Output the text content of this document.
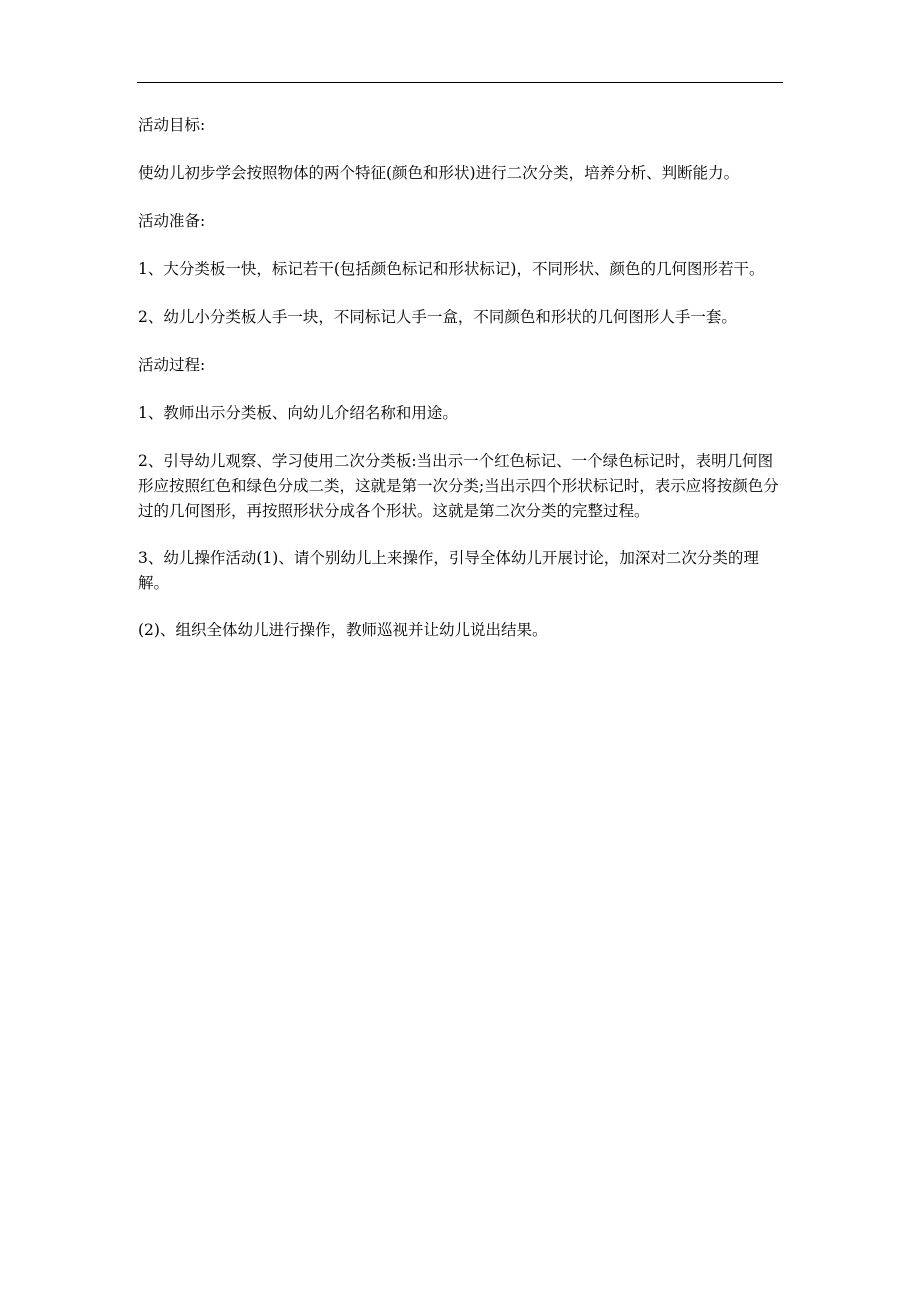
活动目标:

使幼儿初步学会按照物体的两个特征(颜色和形状)进行二次分类，培养分析、判断能力。

活动准备:

1、大分类板一快，标记若干(包括颜色标记和形状标记)，不同形状、颜色的几何图形若干。

2、幼儿小分类板人手一块，不同标记人手一盒，不同颜色和形状的几何图形人手一套。

活动过程:

1、教师出示分类板、向幼儿介绍名称和用途。

2、引导幼儿观察、学习使用二次分类板:当出示一个红色标记、一个绿色标记时，表明几何图形应按照红色和绿色分成二类，这就是第一次分类;当出示四个形状标记时，表示应将按颜色分过的几何图形，再按照形状分成各个形状。这就是第二次分类的完整过程。

3、幼儿操作活动(1)、请个别幼儿上来操作，引导全体幼儿开展讨论，加深对二次分类的理解。

(2)、组织全体幼儿进行操作，教师巡视并让幼儿说出结果。
